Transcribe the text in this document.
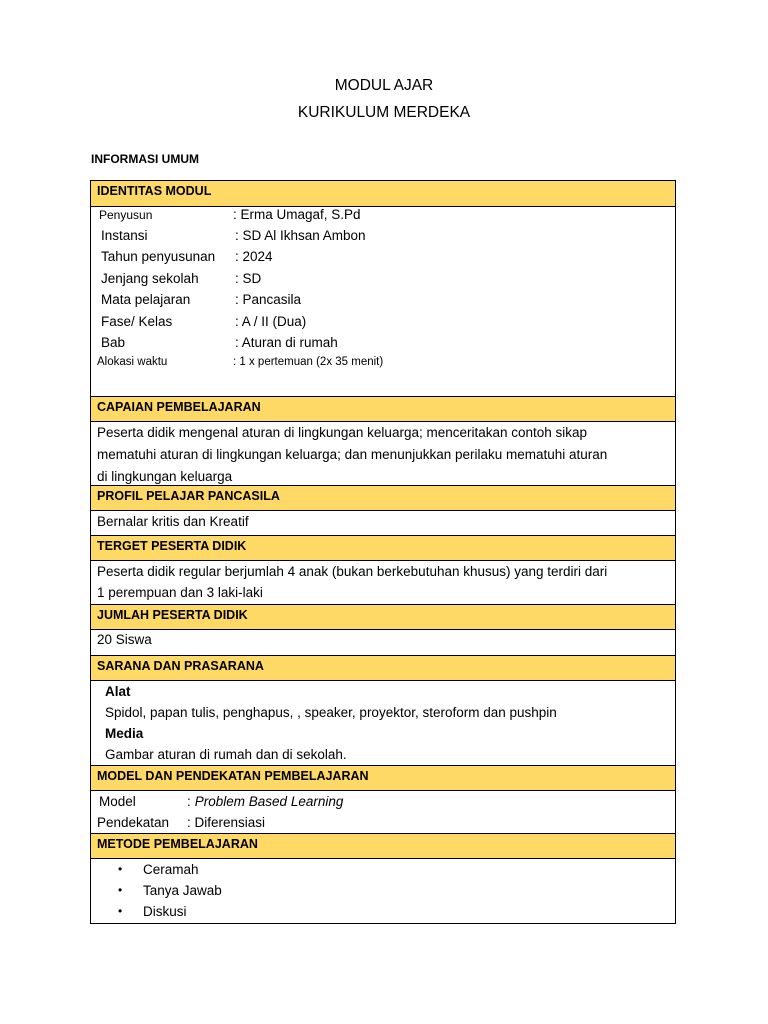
MODUL AJAR
KURIKULUM MERDEKA
INFORMASI UMUM
IDENTITAS MODUL
Penyusun	: Erma Umagaf, S.Pd
Instansi	: SD Al Ikhsan Ambon
Tahun penyusunan	: 2024
Jenjang sekolah	: SD
Mata pelajaran	: Pancasila
Fase/ Kelas	: A / II (Dua)
Bab	: Aturan di rumah
Alokasi waktu	: 1 x pertemuan (2x 35 menit)
CAPAIAN PEMBELAJARAN
Peserta didik mengenal aturan di lingkungan keluarga; menceritakan contoh sikap
mematuhi aturan di lingkungan keluarga; dan menunjukkan perilaku mematuhi aturan
di lingkungan keluarga
PROFIL PELAJAR PANCASILA
Bernalar kritis dan Kreatif
TERGET PESERTA DIDIK
Peserta didik regular berjumlah 4 anak (bukan berkebutuhan khusus) yang terdiri dari
1 perempuan dan 3 laki-laki
JUMLAH PESERTA DIDIK
20 Siswa
SARANA DAN PRASARANA
Alat
Spidol, papan tulis, penghapus, , speaker, proyektor, steroform dan pushpin
Media
Gambar aturan di rumah dan di sekolah.
MODEL DAN PENDEKATAN PEMBELAJARAN
Model	: Problem Based Learning
Pendekatan	: Diferensiasi
METODE PEMBELAJARAN
• Ceramah
• Tanya Jawab
• Diskusi
